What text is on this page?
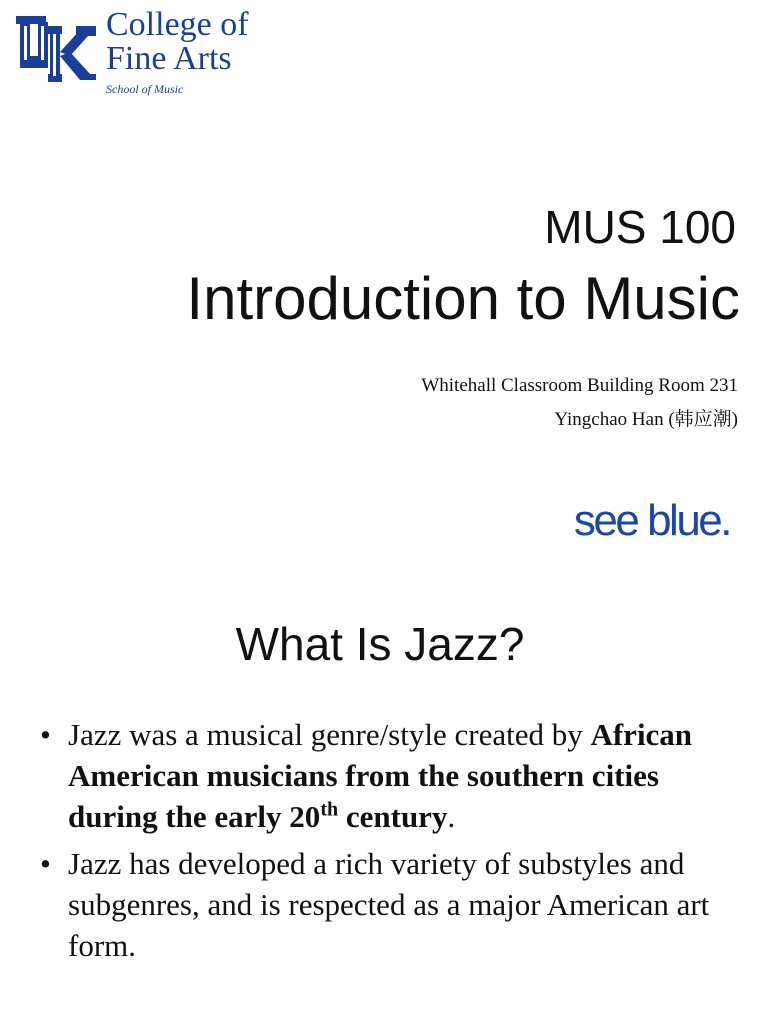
College of
Fine Arts
School of Music
MUS 100
Introduction to Music
Whitehall Classroom Building Room 231
Yingchao Han (韩应潮)
see blue.
What Is Jazz?
• Jazz was a musical genre/style created by African American musicians from the southern cities during the early 20th century.
• Jazz has developed a rich variety of substyles and subgenres, and is respected as a major American art form.
